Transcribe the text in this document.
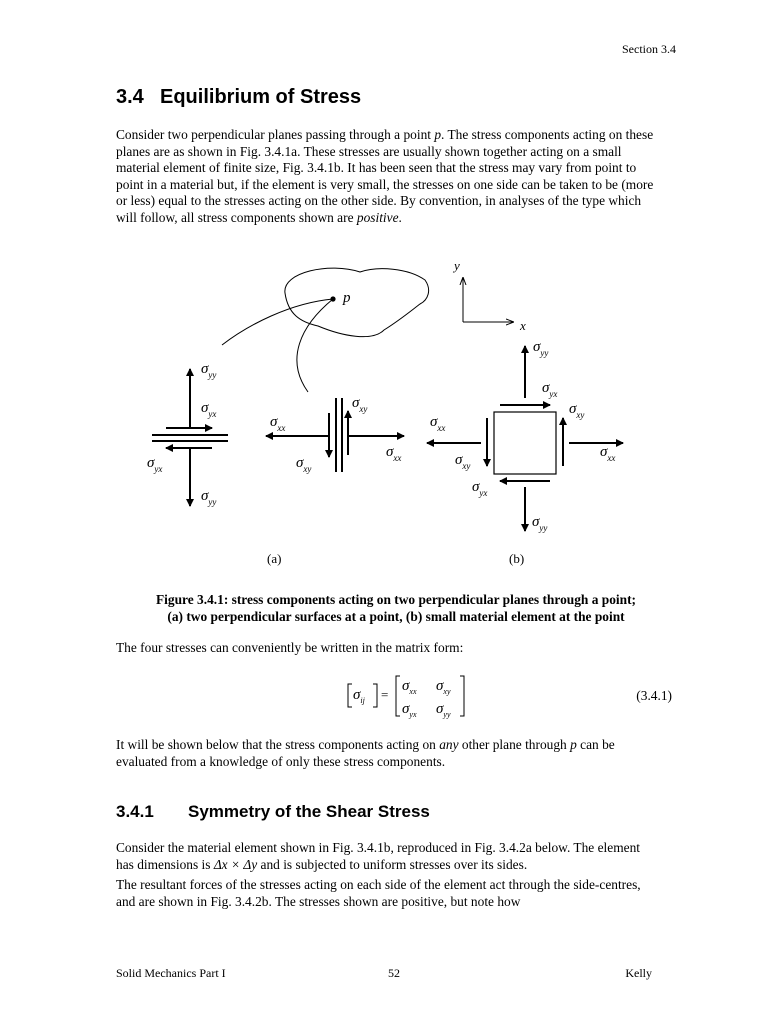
Section 3.4
3.4 Equilibrium of Stress
Consider two perpendicular planes passing through a point p. The stress components acting on these planes are as shown in Fig. 3.4.1a. These stresses are usually shown together acting on a small material element of finite size, Fig. 3.4.1b. It has been seen that the stress may vary from point to point in a material but, if the element is very small, the stresses on one side can be taken to be (more or less) equal to the stresses acting on the other side. By convention, in analyses of the type which will follow, all stress components shown are positive.
p
y
x
$\sigma_{yy}$
$\sigma_{yx}$
$\sigma_{yx}$
$\sigma_{yy}$
$\sigma_{xx}$
$\sigma_{xy}$
$\sigma_{xx}$
$\sigma_{xy}$
$\sigma_{yy}$
$\sigma_{yx}$
$\sigma_{xy}$
$\sigma_{xx}$
$\sigma_{xx}$
$\sigma_{xy}$
$\sigma_{yx}$
$\sigma_{yy}$
(a)	(b)
Figure 3.4.1: stress components acting on two perpendicular planes through a point;
(a) two perpendicular surfaces at a point, (b) small material element at the point
The four stresses can conveniently be written in the matrix form:
$\sigma_{ij}$ =
$\sigma_{xx}$ $\sigma_{xy}$
$\sigma_{yx}$ $\sigma_{yy}$
(3.4.1)
It will be shown below that the stress components acting on any other plane through p can be evaluated from a knowledge of only these stress components.
3.4.1 Symmetry of the Shear Stress
Consider the material element shown in Fig. 3.4.1b, reproduced in Fig. 3.4.2a below. The element has dimensions is Δx × Δy and is subjected to uniform stresses over its sides.
The resultant forces of the stresses acting on each side of the element act through the side-centres, and are shown in Fig. 3.4.2b. The stresses shown are positive, but note how
Solid Mechanics Part I	52	Kelly
